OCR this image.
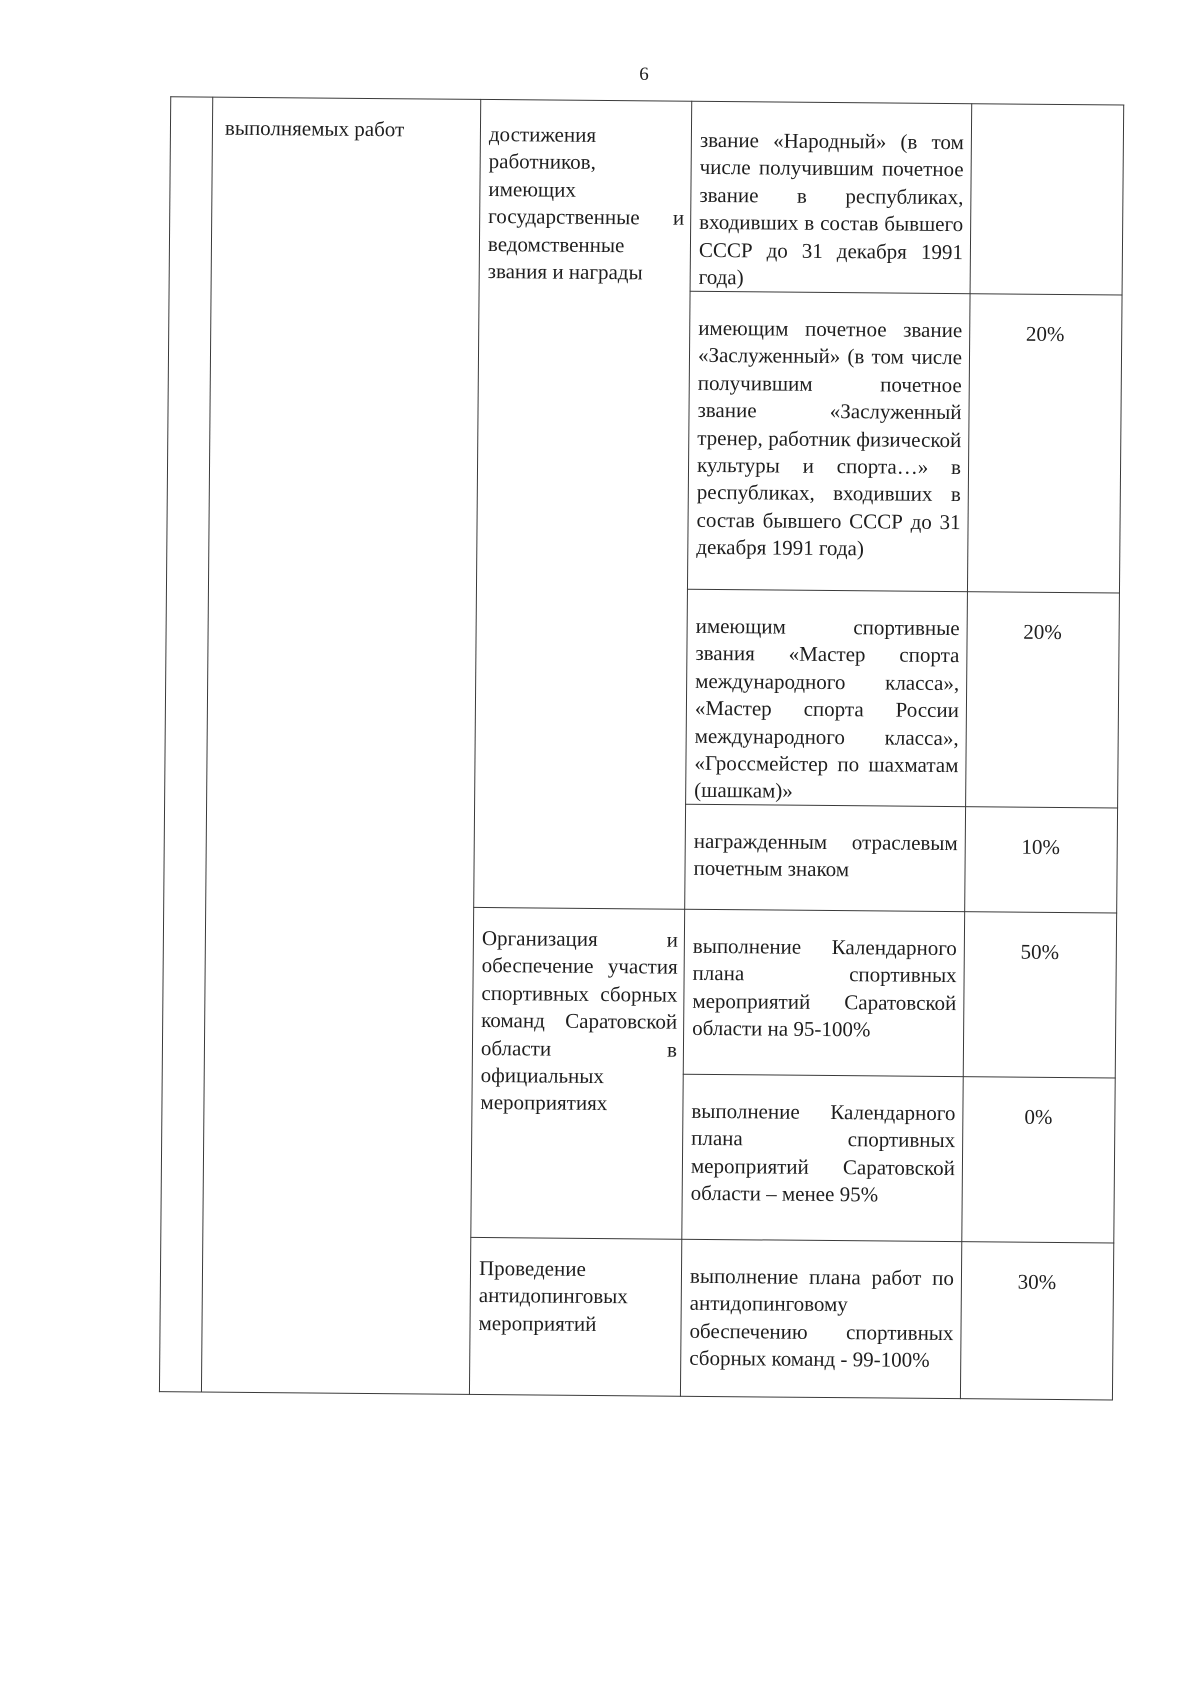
6
выполняемых работ	достижения работников, имеющих государственные и ведомственные звания и награды
Организация и обеспечение участия спортивных сборных команд Саратовской области в официальных мероприятиях
Проведение антидопинговых мероприятий
звание «Народный» (в том числе получившим почетное звание в республиках, входивших в состав бывшего СССР до 31 декабря 1991 года)
имеющим почетное звание «Заслуженный» (в том числе получившим почетное звание «Заслуженный тренер, работник физической культуры и спорта…» в республиках, входивших в состав бывшего СССР до 31 декабря 1991 года)
имеющим спортивные звания «Мастер спорта международного класса», «Мастер спорта России международного класса», «Гроссмейстер по шахматам (шашкам)»
награжденным отраслевым почетным знаком
выполнение Календарного плана спортивных мероприятий Саратовской области на 95-100%
выполнение Календарного плана спортивных мероприятий Саратовской области – менее 95%
выполнение плана работ по антидопинговому обеспечению спортивных сборных команд - 99-100%
20%
20%
10%
50%
0%
30%
